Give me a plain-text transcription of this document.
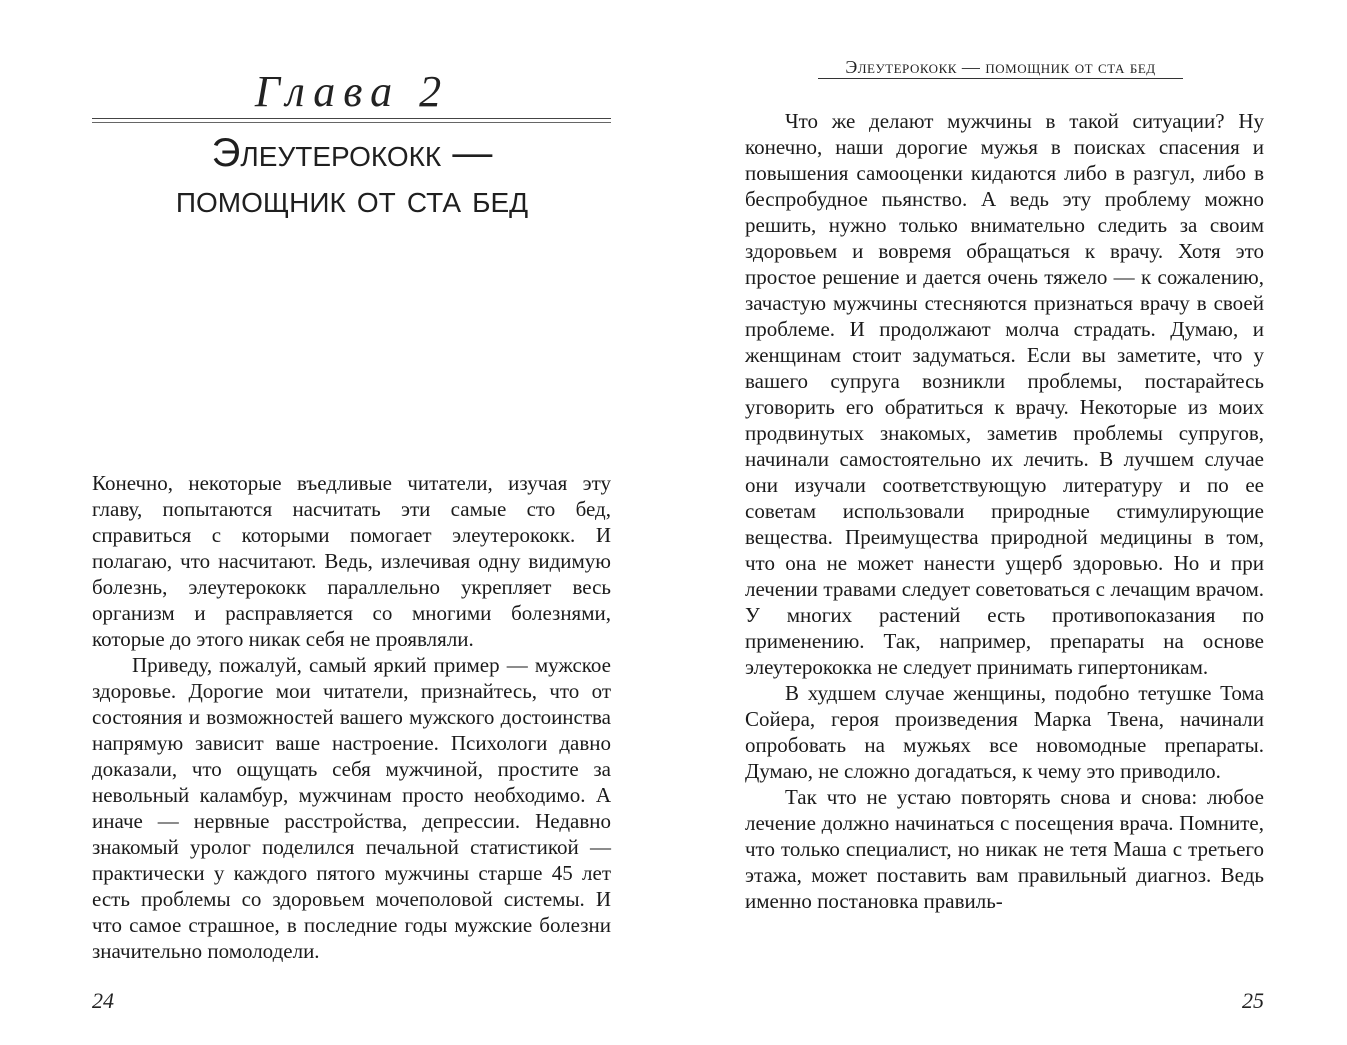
Глава 2
Элеутерококк —
помощник от ста бед

Конечно, некоторые въедливые читатели, изучая эту главу, попытаются насчитать эти самые сто бед, справиться с которыми помогает элеутерококк. И полагаю, что насчитают. Ведь, излечивая одну видимую болезнь, элеутерококк параллельно укрепляет весь организм и расправляется со многими болезнями, которые до этого никак себя не проявляли.

Приведу, пожалуй, самый яркий пример — мужское здоровье. Дорогие мои читатели, признайтесь, что от состояния и возможностей вашего мужского достоинства напрямую зависит ваше настроение. Психологи давно доказали, что ощущать себя мужчиной, простите за невольный каламбур, мужчинам просто необходимо. А иначе — нервные расстройства, депрессии. Недавно знакомый уролог поделился печальной статистикой — практически у каждого пятого мужчины старше 45 лет есть проблемы со здоровьем мочеполовой системы. И что самое страшное, в последние годы мужские болезни значительно помолодели.

24
Элеутерококк — помощник от ста бед

Что же делают мужчины в такой ситуации? Ну конечно, наши дорогие мужья в поисках спасения и повышения самооценки кидаются либо в разгул, либо в беспробудное пьянство. А ведь эту проблему можно решить, нужно только внимательно следить за своим здоровьем и вовремя обращаться к врачу. Хотя это простое решение и дается очень тяжело — к сожалению, зачастую мужчины стесняются признаться врачу в своей проблеме. И продолжают молча страдать. Думаю, и женщинам стоит задуматься. Если вы заметите, что у вашего супруга возникли проблемы, постарайтесь уговорить его обратиться к врачу. Некоторые из моих продвинутых знакомых, заметив проблемы супругов, начинали самостоятельно их лечить. В лучшем случае они изучали соответствующую литературу и по ее советам использовали природные стимулирующие вещества. Преимущества природной медицины в том, что она не может нанести ущерб здоровью. Но и при лечении травами следует советоваться с лечащим врачом. У многих растений есть противопоказания по применению. Так, например, препараты на основе элеутерококка не следует принимать гипертоникам.

В худшем случае женщины, подобно тетушке Тома Сойера, героя произведения Марка Твена, начинали опробовать на мужьях все новомодные препараты. Думаю, не сложно догадаться, к чему это приводило.

Так что не устаю повторять снова и снова: любое лечение должно начинаться с посещения врача. Помните, что только специалист, но никак не тетя Маша с третьего этажа, может поставить вам правильный диагноз. Ведь именно постановка правиль-

25
